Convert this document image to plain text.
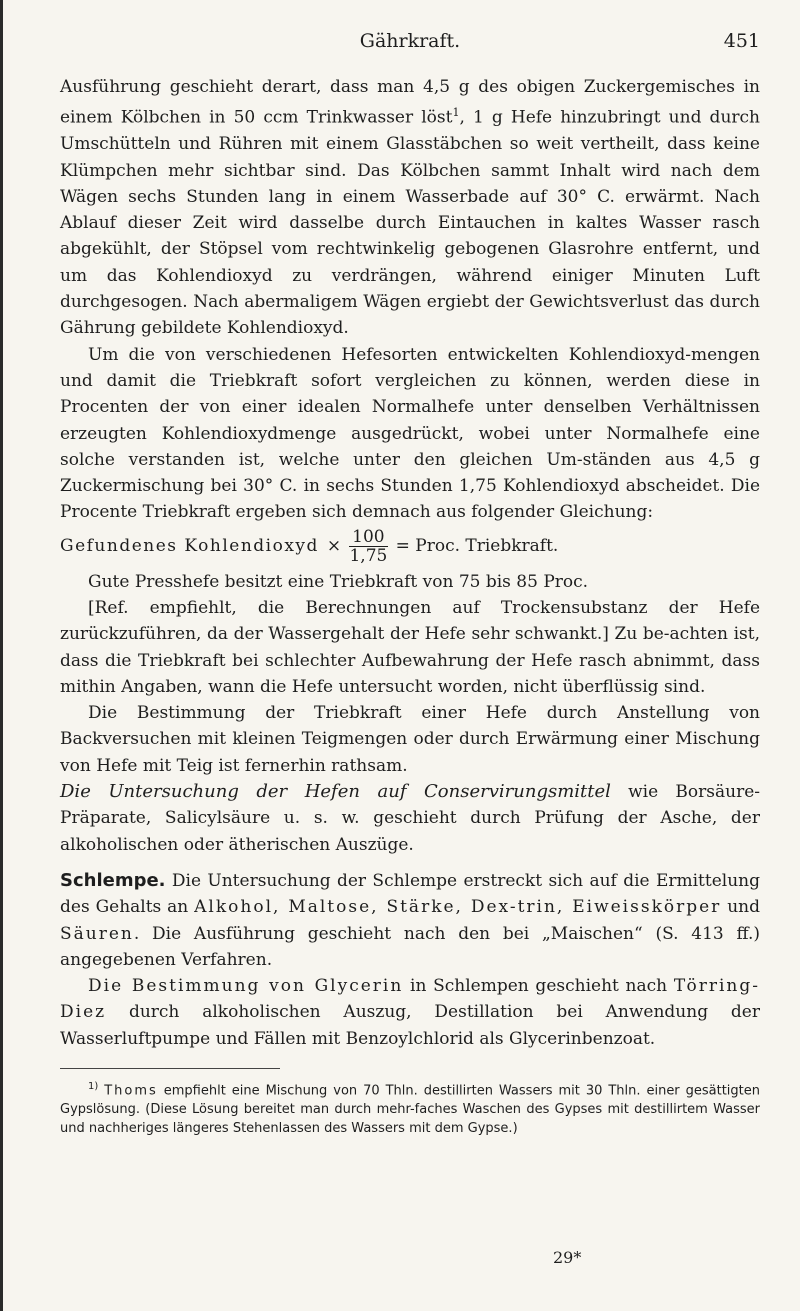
Gährkraft.	451

Ausführung geschieht derart, dass man 4,5 g des obigen Zuckergemisches in einem Kölbchen in 50 ccm Trinkwasser löst$^1$, 1 g Hefe hinzubringt und durch Umschütteln und Rühren mit einem Glasstäbchen so weit vertheilt, dass keine Klümpchen mehr sichtbar sind. Das Kölbchen sammt Inhalt wird nach dem Wägen sechs Stunden lang in einem Wasserbade auf 30° C. erwärmt. Nach Ablauf dieser Zeit wird dasselbe durch Eintauchen in kaltes Wasser rasch abgekühlt, der Stöpsel vom rechtwinkelig gebogenen Glasrohre entfernt, und um das Kohlendioxyd zu verdrängen, während einiger Minuten Luft durchgesogen. Nach abermaligem Wägen ergiebt der Gewichtsverlust das durch Gährung gebildete Kohlendioxyd.

Um die von verschiedenen Hefesorten entwickelten Kohlendioxyd-mengen und damit die Triebkraft sofort vergleichen zu können, werden diese in Procenten der von einer idealen Normalhefe unter denselben Verhältnissen erzeugten Kohlendioxydmenge ausgedrückt, wobei unter Normalhefe eine solche verstanden ist, welche unter den gleichen Um-ständen aus 4,5 g Zuckermischung bei 30° C. in sechs Stunden 1,75 Kohlendioxyd abscheidet. Die Procente Triebkraft ergeben sich demnach aus folgender Gleichung:

Gefundenes Kohlendioxyd × $\frac{100}{1,75}$ = Proc. Triebkraft.

Gute Presshefe besitzt eine Triebkraft von 75 bis 85 Proc.

[Ref. empfiehlt, die Berechnungen auf Trockensubstanz der Hefe zurückzuführen, da der Wassergehalt der Hefe sehr schwankt.] Zu be-achten ist, dass die Triebkraft bei schlechter Aufbewahrung der Hefe rasch abnimmt, dass mithin Angaben, wann die Hefe untersucht worden, nicht überflüssig sind.

Die Bestimmung der Triebkraft einer Hefe durch Anstellung von Backversuchen mit kleinen Teigmengen oder durch Erwärmung einer Mischung von Hefe mit Teig ist fernerhin rathsam.

Die Untersuchung der Hefen auf Conservirungsmittel wie Borsäure-Präparate, Salicylsäure u. s. w. geschieht durch Prüfung der Asche, der alkoholischen oder ätherischen Auszüge.

Schlempe. Die Untersuchung der Schlempe erstreckt sich auf die Ermittelung des Gehalts an Alkohol, Maltose, Stärke, Dex-trin, Eiweisskörper und Säuren. Die Ausführung geschieht nach den bei „Maischen“ (S. 413 ff.) angegebenen Verfahren.

Die Bestimmung von Glycerin in Schlempen geschieht nach Törring-Diez durch alkoholischen Auszug, Destillation bei Anwendung der Wasserluftpumpe und Fällen mit Benzoylchlorid als Glycerinbenzoat.

$^{1)}$ Thoms empfiehlt eine Mischung von 70 Thln. destillirten Wassers mit 30 Thln. einer gesättigten Gypslösung. (Diese Lösung bereitet man durch mehr-faches Waschen des Gypses mit destillirtem Wasser und nachheriges längeres Stehenlassen des Wassers mit dem Gypse.)

29*
